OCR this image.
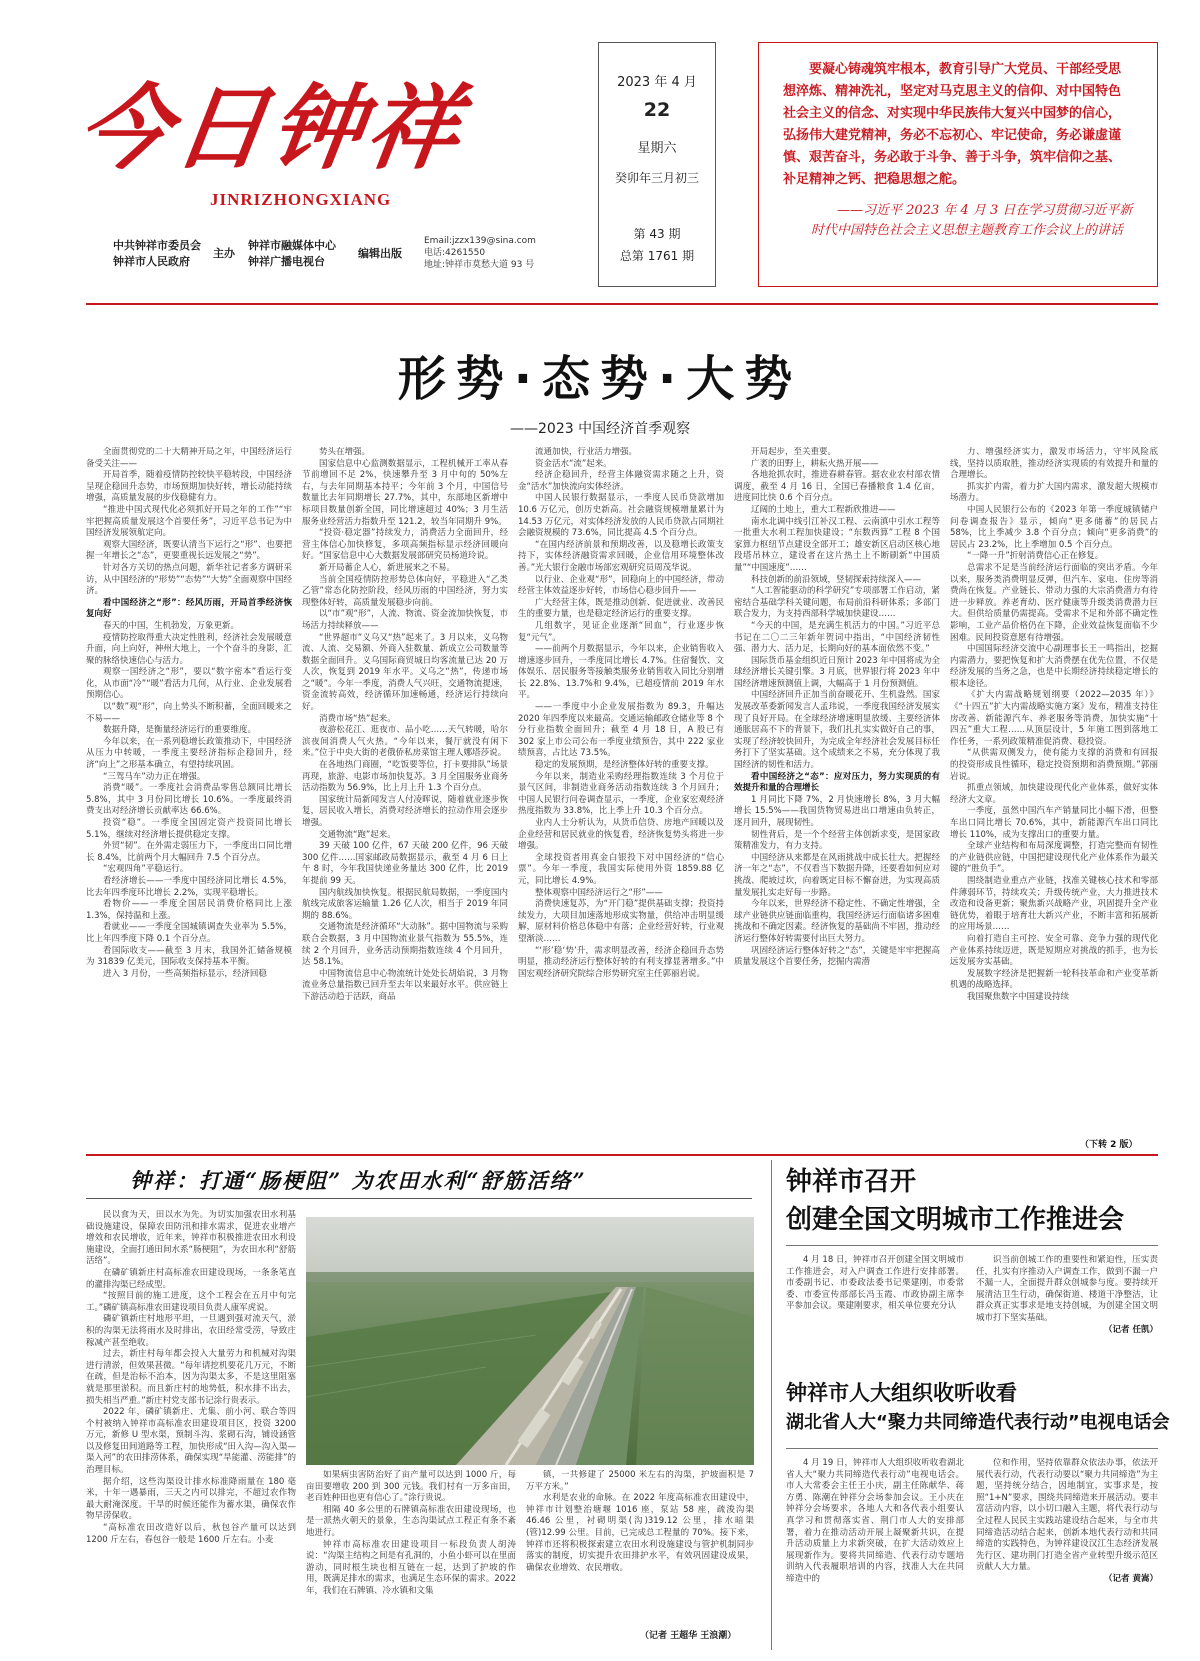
今日钟祥
JINRIZHONGXIANG
中共钟祥市委员会
钟祥市人民政府
主办
钟祥市融媒体中心
钟祥广播电视台
编辑出版
Email:jzzx139@sina.com
电话:4261550
地址:钟祥市莫愁大道 93 号
2023 年 4 月
22
星期六
癸卯年三月初三
第 43 期
总第 1761 期
要凝心铸魂筑牢根本，教育引导广大党员、干部经受思想淬炼、精神洗礼，坚定对马克思主义的信仰、对中国特色社会主义的信念、对实现中华民族伟大复兴中国梦的信心，弘扬伟大建党精神，务必不忘初心、牢记使命，务必谦虚谨慎、艰苦奋斗，务必敢于斗争、善于斗争，筑牢信仰之基、补足精神之钙、把稳思想之舵。
——习近平 2023 年 4 月 3 日在学习贯彻习近平新时代中国特色社会主义思想主题教育工作会议上的讲话
形势·态势·大势
——2023 中国经济首季观察

全面贯彻党的二十大精神开局之年，中国经济运行备受关注——

开局首季，随着疫情防控较快平稳转段，中国经济呈现企稳回升态势，市场预期加快好转，增长动能持续增强，高质量发展的步伐稳健有力。

“推进中国式现代化必须抓好开局之年的工作”“牢牢把握高质量发展这个首要任务”，习近平总书记为中国经济发展领航定向。

观察大国经济，既要认清当下运行之“形”、也要把握一年增长之“态”，更要重视长远发展之“势”。

针对各方关切的热点问题，新华社记者多方调研采访，从中国经济的“形势”“态势”“大势”全面观察中国经济。

看中国经济之“形”：经风历雨，开局首季经济恢复向好

春天的中国，生机勃发，万象更新。

疫情防控取得重大决定性胜利，经济社会发展暖意升面，向上向好，神州大地上，一个个奋斗的身影，汇聚的脉络快速信心与活力。

观察一国经济之“形”，要以“数字密本”看运行变化，从市面“冷”“暖”看活力几何，从行业、企业发展看预期信心。

以“数”观“形”，向上势头不断积蓄，全面回暖来之不易——

数据升降，是衡量经济运行的重要维度。

今年以来，在一系列稳增长政策推动下，中国经济从压力中转暖，一季度主要经济指标企稳回升，经济“向上”之形基本确立，有望持续巩固。

“三驾马车”动力正在增强。

消费“暖”。一季度社会消费品零售总额同比增长 5.8%，其中 3 月份同比增长 10.6%。一季度最终消费支出对经济增长贡献率达 66.6%。

投资“稳”。一季度全国固定资产投资同比增长 5.1%，继续对经济增长提供稳定支撑。

外贸“韧”。在外需走弱压力下，一季度出口同比增长 8.4%，比前两个月大幅回升 7.5 个百分点。

“宏观四角”平稳运行。

看经济增长——一季度中国经济同比增长 4.5%，比去年四季度环比增长 2.2%，实现平稳增长。

看物价——一季度全国居民消费价格同比上涨 1.3%，保持温和上涨。

看就业——一季度全国城镇调查失业率为 5.5%，比上年四季度下降 0.1 个百分点。

看国际收支——截至 3 月末，我国外汇储备规模为 31839 亿美元，国际收支保持基本平衡。

进入 3 月份，一些高频指标显示，经济回稳

势头在增强。

国家信息中心监测数据显示，工程机械开工率从春节前增回不足 2%，快速攀升至 3 月中旬的 50%左右，与去年同期基本持平；今年前 3 个月，中国信号数量比去年同期增长 27.7%，其中，东部地区新增中标项目数量创新全国，同比增速超过 40%；3 月生活服务业经营活力指数升至 121.2，较当年同期升 9%。

“投资·稳定器”持续发力，消费活力全面回升，经营主体信心加快修复，多项高频指标显示经济回暖向好。“国家信息中心大数据发展部研究员杨道玲说。

新开局蓄企人心，新进展来之不易。

当前全国疫情防控形势总体向好，平稳进入“乙类乙管”常态化防控阶段，经风历雨的中国经济，努力实现整体好转，高质量发展稳步向前。

以“市”观“形”，人流、物流、资金流加快恢复，市场活力持续释放——

“世界超市”义乌又“热”起来了。3 月以来，义乌物流、人流、交易额、外商入驻数量、新成立公司数量等数据全面回升。义乌国际商贸城日均客流量已达 20 万人次，恢复到 2019 年水平。义乌之“热”，传递市场之“暖”。今年一季度，消费人气兴旺，交通物流提速，资金流转高效，经济循环加速畅通，经济运行持续向好。

消费市场“热”起来。

夜游松花江、逛夜市、品小吃……天气转暖，哈尔滨夜间消费人气火热。“今年以来，餐厅就没有闲下来。”位于中央大街的老俄侨私房菜馆主理人娜塔莎说。

在各地热门商圈，“吃饭要等位，打卡要排队”场景再现，旅游、电影市场加快复苏。3 月全国服务业商务活动指数为 56.9%，比上月上升 1.3 个百分点。

国家统计局新闻发言人付凌晖说，随着就业逐步恢复，居民收入增长，消费对经济增长的拉动作用会逐步增强。

交通物流“跑”起来。

39 天破 100 亿件，67 天破 200 亿件，96 天破 300 亿件……国家邮政局数据显示，截至 4 月 6 日上午 8 时，今年我国快递业务量达 300 亿件，比 2019 年提前 99 天。

国内航线加快恢复。根据民航局数据，一季度国内航线完成旅客运输量 1.26 亿人次，相当于 2019 年同期的 88.6%。

交通物流是经济循环“大动脉”。据中国物流与采购联合会数据，3 月中国物流业景气指数为 55.5%，连续 2 个月回升，业务活动预期指数连续 4 个月回升，达 58.1%。

中国物流信息中心物流统计处处长胡焰说，3 月物流业务总量指数已回升至去年以来最好水平。供应链上下游活动趋于活跃，商品

流通加快，行业活力增强。

资金活水“流”起来。

经济企稳回升，经营主体融资需求随之上升，资金“活水”加快流向实体经济。

中国人民银行数据显示，一季度人民币贷款增加 10.6 万亿元，创历史新高。社会融资规模增量累计为 14.53 万亿元，对实体经济发放的人民币贷款占同期社会融资规模的 73.6%，同比提高 4.5 个百分点。

“在国内经济前景和预期改善，以及稳增长政策支持下，实体经济融资需求回暖，企业信用环境整体改善。”光大银行金融市场部宏观研究员周茂华说。

以行业、企业观“形”，回稳向上的中国经济，带动经营主体效益逐步好转，市场信心稳步回升——

广大经营主体，既是推动创新、促进就业、改善民生的重要力量，也是稳定经济运行的重要支撑。

几组数字，见证企业逐渐“回血”，行业逐步恢复“元气”。

——前两个月数据显示，今年以来，企业销售收入增速逐步回升，一季度同比增长 4.7%。住宿餐饮、文体娱乐、居民服务等接触类服务业销售收入同比分别增长 22.8%、13.7%和 9.4%，已超疫情前 2019 年水平。

——一季度中小企业发展指数为 89.3，升幅达 2020 年四季度以来最高。交通运输邮政仓储业等 8 个分行业指数全面回升；截至 4 月 18 日，A 股已有 302 家上市公司公布一季度业绩预告，其中 222 家业绩预喜，占比达 73.5%。

稳定的发展预期，是经济整体好转的重要支撑。

今年以来，制造业采购经理指数连续 3 个月位于景气区间，非制造业商务活动指数连续 3 个月回升；中国人民银行问卷调查显示，一季度，企业家宏观经济热度指数为 33.8%，比上季上升 10.3 个百分点。

业内人士分析认为，从货币信贷、房地产回暖以及企业经营和居民就业的恢复看，经济恢复势头将进一步增强。

全球投资者用真金白银投下对中国经济的“信心票”。今年一季度，我国实际使用外资 1859.88 亿元，同比增长 4.9%。

整体观察中国经济运行之“形”——

消费快速复苏，为“开门稳”提供基础支撑；投资持续发力，大项目加速落地形成实物量，供给冲击明显缓解，原材料价格总体稳中有落；企业经营好转，行业观望渐淡……

“‘形’稳‘势’升，需求明显改善，经济企稳回升态势明显，推动经济运行整体好转的有利支撑显著增多。”中国宏观经济研究院综合形势研究室主任郭丽岩说。

开局起步，至关重要。

广袤的田野上，耕耘火热开展——

各地抢抓农时，推进春耕春管。据农业农村部农情调度，截至 4 月 16 日，全国已春播粮食 1.4 亿亩，进度同比快 0.6 个百分点。

辽阔的土地上，重大工程新欣推进——

南水北调中线引江补汉工程、云南滇中引水工程等一批重大水利工程加快建设；“东数西算”工程 8 个国家算力枢纽节点建设全部开工；雄安新区启动区核心地段塔吊林立，建设者在这片热土上不断刷新“中国质量”“中国速度”……

科技创新的前沿领域，竖韧探索持续深入——

“人工智能驱动的科学研究”专项部署工作启动，紧密结合基础学科关键问题，布局前沿科研体系；多部门联合发力，为支持西部科学城加快建设……

“今天的中国，是充满生机活力的中国。”习近平总书记在二〇二三年新年贺词中指出，“中国经济韧性强、潜力大、活力足，长期向好的基本面依然不变。”

国际货币基金组织近日预计 2023 年中国将成为全球经济增长关键引擎。3 月底，世界银行将 2023 年中国经济增速预测值上调，大幅高于 1 月份预测值。

中国经济回升正加当前奋暖花开、生机盎然。国家发展改革委新闻发言人孟玮说，一季度我国经济发展实现了良好开局。在全球经济增速明显放缓、主要经济体通胀居高不下的背景下，我们扎扎实实做好自己的事，实现了经济较快回升，为完成全年经济社会发展目标任务打下了坚实基础。这个成绩来之不易，充分体现了我国经济的韧性和活力。

看中国经济之“态”：应对压力，努力实现质的有效提升和量的合理增长

1 月同比下降 7%，2 月快速增长 8%，3 月大幅增长 15.5%——我国货物贸易进出口增速由负转正，逐月回升，展现韧性。

韧性背后，是一个个经营主体创新求变，是国家政策精准发力，有力支持。

中国经济从来都是在风雨挑战中成长壮大。把握经济一年之“态”，不仅看当下数据升降，还要看如何应对挑战、爬坡过坎，向着既定目标不懈奋进，为实现高质量发展扎实走好每一步路。

今年以来，世界经济不稳定性、不确定性增强，全球产业链供应链面临重构，我国经济运行面临诸多困难挑战和不确定因素。经济恢复的基础尚不牢固，推动经济运行整体好转需要付出巨大努力。

巩固经济运行整体好转之“态”，关键是牢牢把握高质量发展这个首要任务，挖掘内需潜

力、增强经济实力，激发市场活力，守牢风险底线，坚持以质取胜，推动经济实现质的有效提升和量的合理增长。

抓实扩内需，着力扩大国内需求，激发超大规模市场潜力。

中国人民银行公布的《2023 年第一季度城镇储户问卷调查报告》显示，倾向“更多储蓄”的居民占 58%，比上季减少 3.8 个百分点；倾向“更多消费”的居民占 23.2%，比上季增加 0.5 个百分点。

“一降一升”折射消费信心正在修复。

总需求不足是当前经济运行面临的突出矛盾。今年以来，服务类消费明显反弹，但汽车、家电、住房等消费尚在恢复。产业链长、带动力强的大宗消费潜力有待进一步释放。养老育幼、医疗健康等升级类消费潜力巨大。但供给质量仍需提高。受需求不足和外部不确定性影响，工业产品价格仍在下降，企业效益恢复面临不少困难。民间投资意愿有待增强。

中国国际经济交流中心副理事长王一鸣指出，挖掘内需潜力，要把恢复和扩大消费摆在优先位置，不仅是经济发展的当务之急，也是中长期经济持续稳定增长的根本途径。

《扩大内需战略规划纲要（2022—2035 年）》《“十四五”扩大内需战略实施方案》发布，精准支持住房改善、新能源汽车、养老服务等消费，加快实施“十四五”重大工程……从顶层设计，5 年施工图到落地工作任务，一系列政策精准促消费、稳投资。

“从供需双侧发力，使有能力支撑的消费和有回报的投资形成良性循环，稳定投资预期和消费预期。”郭丽岩说。

抓重点领域，加快建设现代化产业体系，做好实体经济大文章。

一季度，虽然中国汽车产销量同比小幅下滑，但整车出口同比增长 70.6%，其中，新能源汽车出口同比增长 110%，成为支撑出口的重要力量。

全球产业结构和布局深度调整，打造完整而有韧性的产业链供应链，中国把建设现代化产业体系作为最关键的“胜负手”。

围绕制造业重点产业链，找准关键核心技术和零部件薄弱环节，持续攻关；升级传统产业，大力推进技术改造和设备更新；聚焦新兴战略产业，巩固提升全产业链优势，着眼于培育壮大新兴产业，不断丰富和拓展新的应用场景……

向着打造自主可控、安全可靠、竞争力强的现代化产业体系持续迈进，既是短期应对挑战的抓手，也为长远发展夯实基础。

发展数字经济是把握新一轮科技革命和产业变革新机遇的战略选择。

我国聚焦数字中国建设持续

（下转 2 版）
钟祥：打通“肠梗阻” 为农田水利“舒筋活络”

民以食为天，田以水为先。为切实加强农田水利基础设施建设，保障农田防汛和排水需求，促进农业增产增效和农民增收，近年来，钟祥市积极推进农田水利设施建设，全面打通田间水系“肠梗阻”，为农田水利“舒筋活络”。

在磷矿镇新庄村高标准农田建设现场，一条条笔直的灌排沟渠已经成型。

“按照目前的施工进度，这个工程会在五月中旬完工。”磷矿镇高标准农田建设项目负责人康军虎说。

磷矿镇新庄村地形平坦，一旦遇到强对流天气，淤积的沟渠无法将雨水及时排出，农田经常受涝，导致庄稼减产甚至绝收。

过去，新庄村每年都会投入大量劳力和机械对沟渠进行清淤，但效果甚微。“每年请挖机要花几万元，不断在疏，但是治标不治本，因为沟渠太多，不是这里阻塞就是那里淤积。而且新庄村的地势低，积水排不出去，损失相当严重。”新庄村党支部书记涂行贵表示。

2022 年，磷矿镇新庄、尤集、前小河、联合等四个村被纳入钟祥市高标准农田建设项目区，投资 3200 万元，新修 U 型水渠，预制斗沟、浆砌石沟，铺设涵管以及修复田间道路等工程，加快形成“田入沟—沟入渠—渠入河”的农田排涝体系，确保实现“旱能灌、涝能排”的治理目标。

据介绍，这些沟渠设计排水标准降雨量在 180 毫米，十年一遇暴雨，三天之内可以排完，不超过农作物最大耐淹深度。干旱的时候还能作为蓄水渠，确保农作物早涝保收。

“高标准农田改造好以后，秋包谷产量可以达到 1200 斤左右，春包谷一般是 1600 斤左右。小麦

如果病虫害防治好了亩产量可以达到 1000 斤，每亩田要增收 200 到 300 元钱。我们村有一万多亩田，老百姓种田也更有信心了。”涂行贵说。

相隔 40 多公里的石牌镇高标准农田建设现场，也是一派热火朝天的景象，生态沟渠试点工程正有条不紊地进行。

钟祥市高标准农田建设项目一标段负责人胡涛说：“沟渠主结构之间是有孔洞的，小鱼小虾可以在里面游动，同时根生块也相互链在一起，达到了护坡的作用，既满足排水的需求，也满足生态环保的需求。2022 年，我们在石牌镇、冷水镇和文集

镇，一共修建了 25000 米左右的沟渠，护坡面积是 7 万平方米。”

水利是农业的命脉。在 2022 年度高标准农田建设中，钟祥市计划整治塘堰 1016 座，泵站 58 座，疏浚沟渠 46.46 公里，衬砌明渠(沟)319.12 公里，排水暗渠(管)12.99 公里。目前，已完成总工程量的 70%。接下来，钟祥市还将积极探索建立农田水利设施建设与管护机制同步落实的制度，切实提升农田排护水平，有效巩固建设成果，确保农业增效、农民增收。

（记者 王超华 王浪潮）
钟祥市召开
创建全国文明城市工作推进会

4 月 18 日，钟祥市召开创建全国文明城市工作推进会，对入户调查工作进行安排部署。市委副书记、市委政法委书记栗建刚，市委常委、市委宣传部部长冯玉霞、市政协副主席李平参加会议。栗建刚要求，相关单位要充分认

识当前创城工作的重要性和紧迫性，压实责任，扎实有序推动入户调查工作，做到不漏一户不漏一人，全面提升群众创城参与度。要持续开展清洁卫生行动，确保街道、楼道干净整洁，让群众真正实事求是地支持创城，为创建全国文明城市打下坚实基础。

（记者 任凯）
钟祥市人大组织收听收看
湖北省人大“聚力共同缔造代表行动”电视电话会

4 月 19 日，钟祥市人大组织收听收看湖北省人大“聚力共同缔造代表行动”电视电话会。市人大常委会主任王小庆，副主任陈献华、蒋方勇、陈潮在钟祥分会场参加会议。王小庆在钟祥分会场要求，各地人大和各代表小组要认真学习和贯彻落实省、荆门市人大的安排部署，着力在推动活动开展上凝聚新共识，在提升活动质量上力求新突破，在扩大活动效应上展现新作为。要将共同缔造、代表行动专题培训纳入代表履职培训的内容，找准人大在共同缔造中的

位和作用，坚持依靠群众依法办事，依法开展代表行动，代表行动要以“聚力共同缔造”为主题，坚持统分结合，因地制宜，实事求是，按照“1+N”要求，围绕共同缔造来开展活动。要丰富活动内容，以小切口融入主题，将代表行动与全过程人民民主实践站建设结合起来，与全市共同缔造活动结合起来，创新本地代表行动和共同缔造的实践特色，为钟祥建设汉江生态经济发展先行区、建功荆门打造全省产业转型升级示范区贡献人大力量。

（记者 黄嵩）
